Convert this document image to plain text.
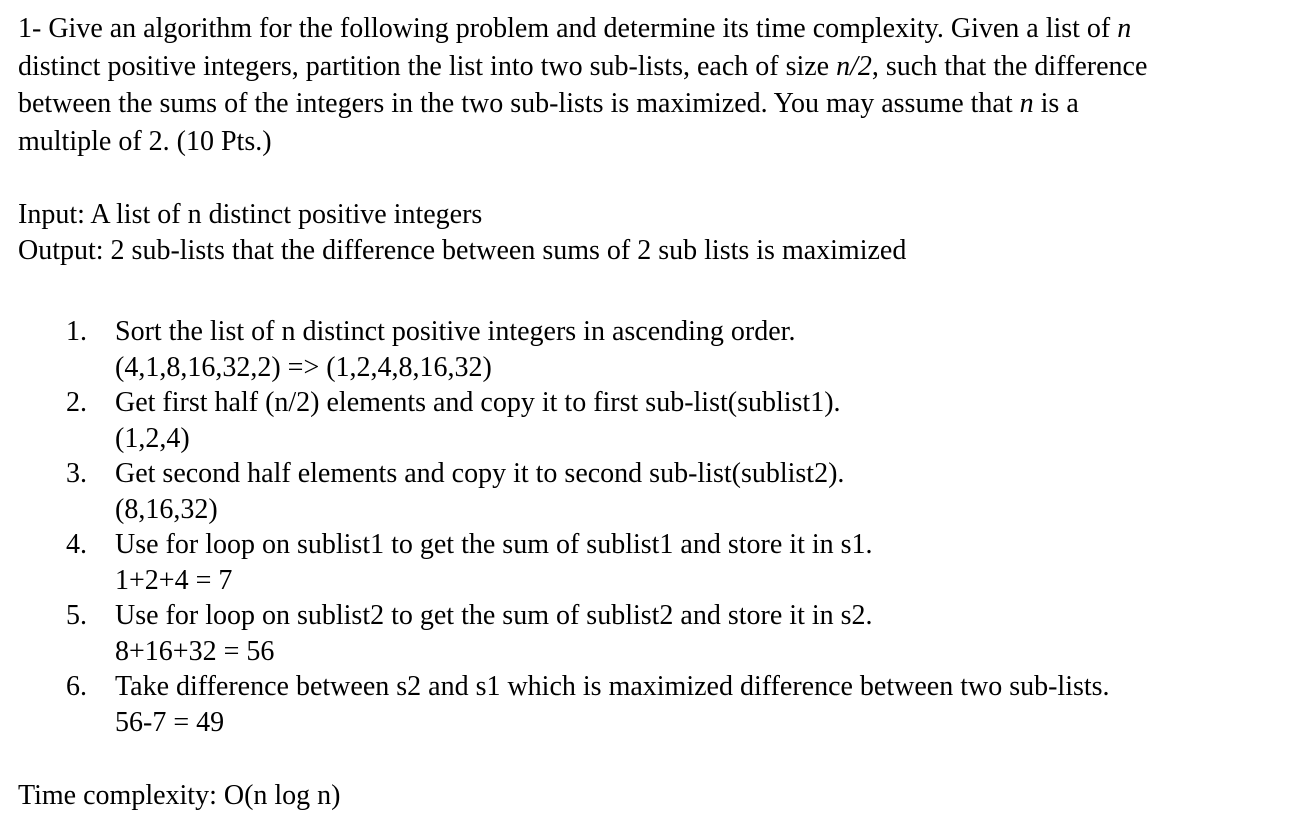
1- Give an algorithm for the following problem and determine its time complexity. Given a list of n
distinct positive integers, partition the list into two sub-lists, each of size n/2, such that the difference
between the sums of the integers in the two sub-lists is maximized. You may assume that n is a
multiple of 2. (10 Pts.)

Input: A list of n distinct positive integers
Output: 2 sub-lists that the difference between sums of 2 sub lists is maximized
1. Sort the list of n distinct positive integers in ascending order.
(4,1,8,16,32,2) => (1,2,4,8,16,32)
2. Get first half (n/2) elements and copy it to first sub-list(sublist1).
(1,2,4)
3. Get second half elements and copy it to second sub-list(sublist2).
(8,16,32)
4. Use for loop on sublist1 to get the sum of sublist1 and store it in s1.
1+2+4 = 7
5. Use for loop on sublist2 to get the sum of sublist2 and store it in s2.
8+16+32 = 56
6. Take difference between s2 and s1 which is maximized difference between two sub-lists.
56-7 = 49
Time complexity: O(n log n)
